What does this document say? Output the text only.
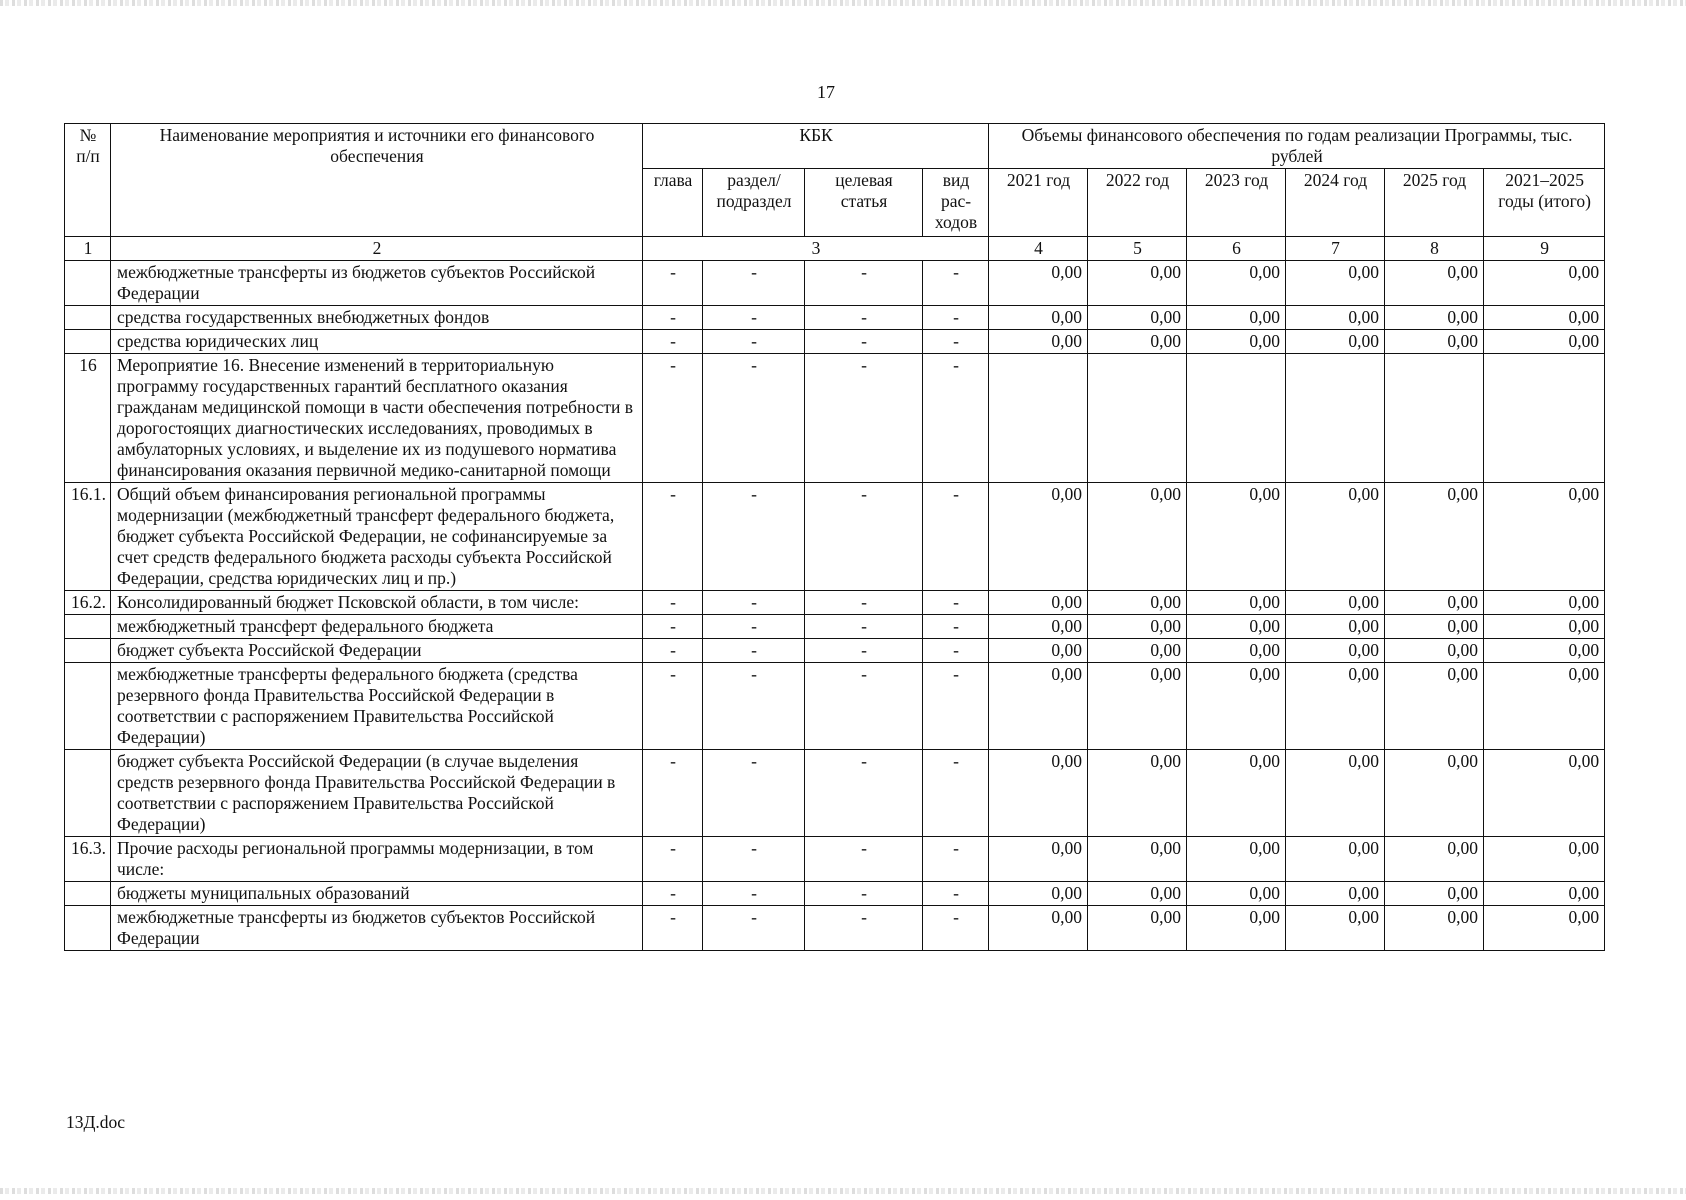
17
№ п/п	Наименование мероприятия и источники его финансового обеспечения	КБК				Объемы финансового обеспечения по годам реализации Программы, тыс. рублей					
		глава	раздел/ подраздел	целевая статья	вид рас- ходов	2021 год	2022 год	2023 год	2024 год	2025 год	2021–2025 годы (итого)
1	2	3				4	5	6	7	8	9
	межбюджетные трансферты из бюджетов субъектов Российской Федерации	-	-	-	-	0,00	0,00	0,00	0,00	0,00	0,00
	средства государственных внебюджетных фондов	-	-	-	-	0,00	0,00	0,00	0,00	0,00	0,00
	средства юридических лиц	-	-	-	-	0,00	0,00	0,00	0,00	0,00	0,00
16	Мероприятие 16. Внесение изменений в территориальную программу государственных гарантий бесплатного оказания гражданам медицинской помощи в части обеспечения потребности в дорогостоящих диагностических исследованиях, проводимых в амбулаторных условиях, и выделение их из подушевого норматива финансирования оказания первичной медико-санитарной помощи	-	-	-	-						
16.1.	Общий объем финансирования региональной программы модернизации (межбюджетный трансферт федерального бюджета, бюджет субъекта Российской Федерации, не софинансируемые за счет средств федерального бюджета расходы субъекта Российской Федерации, средства юридических лиц и пр.)	-	-	-	-	0,00	0,00	0,00	0,00	0,00	0,00
16.2.	Консолидированный бюджет Псковской области, в том числе:	-	-	-	-	0,00	0,00	0,00	0,00	0,00	0,00
	межбюджетный трансферт федерального бюджета	-	-	-	-	0,00	0,00	0,00	0,00	0,00	0,00
	бюджет субъекта Российской Федерации	-	-	-	-	0,00	0,00	0,00	0,00	0,00	0,00
	межбюджетные трансферты федерального бюджета (средства резервного фонда Правительства Российской Федерации в соответствии с распоряжением Правительства Российской Федерации)	-	-	-	-	0,00	0,00	0,00	0,00	0,00	0,00
	бюджет субъекта Российской Федерации (в случае выделения средств резервного фонда Правительства Российской Федерации в соответствии с распоряжением Правительства Российской Федерации)	-	-	-	-	0,00	0,00	0,00	0,00	0,00	0,00
16.3.	Прочие расходы региональной программы модернизации, в том числе:	-	-	-	-	0,00	0,00	0,00	0,00	0,00	0,00
	бюджеты муниципальных образований	-	-	-	-	0,00	0,00	0,00	0,00	0,00	0,00
	межбюджетные трансферты из бюджетов субъектов Российской Федерации	-	-	-	-	0,00	0,00	0,00	0,00	0,00	0,00
13Д.doc
